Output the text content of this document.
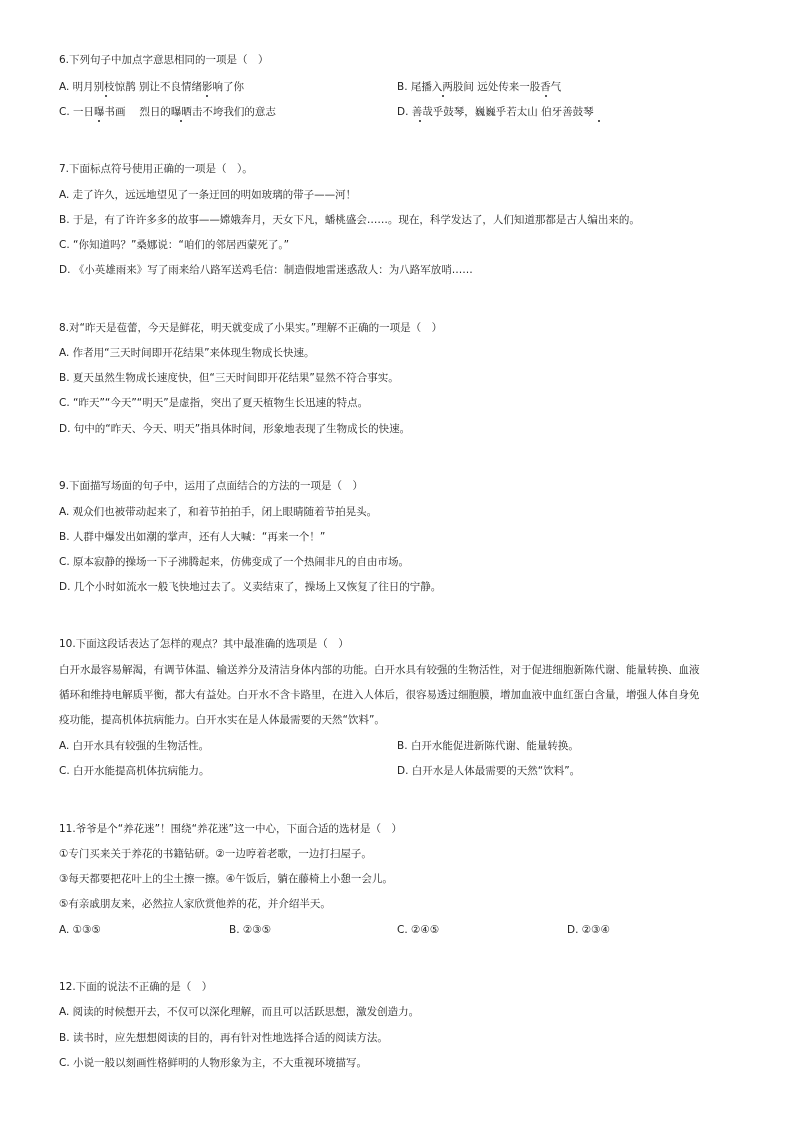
6.下列句子中加点字意思相同的一项是（　）
A. 明月别枝惊鹊 别让不良情绪影响了你	B. 尾播入两股间 远处传来一股香气
C. 一日曝书画　 烈日的曝晒击不垮我们的意志	D. 善哉乎鼓琴，巍巍乎若太山 伯牙善鼓琴
7.下面标点符号使用正确的一项是（　）。
A. 走了许久，远远地望见了一条迂回的明如玻璃的带子——河！
B. 于是，有了许许多多的故事——嫦娥奔月，天女下凡，蟠桃盛会……。现在，科学发达了，人们知道那都是古人编出来的。
C. “你知道吗？”桑娜说：“咱们的邻居西蒙死了。”
D. 《小英雄雨来》写了雨来给八路军送鸡毛信：制造假地雷迷惑敌人：为八路军放哨……
8.对“昨天是苞蕾，今天是鲜花，明天就变成了小果实。”理解不正确的一项是（　）
A. 作者用“三天时间即开花结果”来体现生物成长快速。
B. 夏天虽然生物成长速度快，但“三天时间即开花结果”显然不符合事实。
C. “昨天”“今天”“明天”是虚指，突出了夏天植物生长迅速的特点。
D. 句中的“昨天、今天、明天”指具体时间，形象地表现了生物成长的快速。
9.下面描写场面的句子中，运用了点面结合的方法的一项是（　）
A. 观众们也被带动起来了，和着节拍拍手，闭上眼睛随着节拍晃头。
B. 人群中爆发出如潮的掌声，还有人大喊：“再来一个！”
C. 原本寂静的操场一下子沸腾起来，仿佛变成了一个热闹非凡的自由市场。
D. 几个小时如流水一般飞快地过去了。义卖结束了，操场上又恢复了往日的宁静。
10.下面这段话表达了怎样的观点？其中最准确的选项是（　）
白开水最容易解渴，有调节体温、输送养分及清洁身体内部的功能。白开水具有较强的生物活性，对于促进细胞新陈代谢、能量转换、血液
循环和维持电解质平衡，都大有益处。白开水不含卡路里，在进入人体后，很容易透过细胞膜，增加血液中血红蛋白含量，增强人体自身免
疫功能，提高机体抗病能力。白开水实在是人体最需要的天然“饮料”。
A. 白开水具有较强的生物活性。	B. 白开水能促进新陈代谢、能量转换。
C. 白开水能提高机体抗病能力。	D. 白开水是人体最需要的天然“饮料”。
11.爷爷是个“养花迷”！围绕“养花迷”这一中心，下面合适的选材是（　）
①专门买来关于养花的书籍钻研。②一边哼着老歌，一边打扫屋子。
③每天都要把花叶上的尘土擦一擦。④午饭后，躺在藤椅上小憩一会儿。
⑤有亲戚朋友来，必然拉人家欣赏他养的花，并介绍半天。
A. ①③⑤	B. ②③⑤	C. ②④⑤	D. ②③④
12.下面的说法不正确的是（　）
A. 阅读的时候想开去，不仅可以深化理解，而且可以活跃思想，激发创造力。
B. 读书时，应先想想阅读的目的，再有针对性地选择合适的阅读方法。
C. 小说一般以刻画性格鲜明的人物形象为主，不大重视环境描写。
